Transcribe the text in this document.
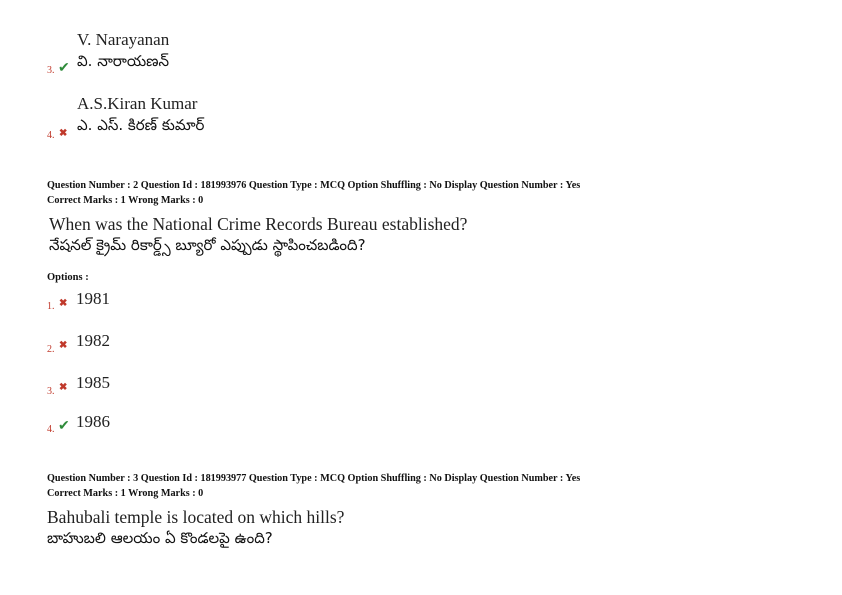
V. Narayanan
3. ✔ వి. నారాయణన్
A.S.Kiran Kumar
4. ✖ ఎ. ఎస్. కిరణ్ కుమార్
Question Number : 2 Question Id : 181993976 Question Type : MCQ Option Shuffling : No Display Question Number : Yes
Correct Marks : 1 Wrong Marks : 0
When was the National Crime Records Bureau established?
నేషనల్ క్రైమ్ రికార్డ్స్ బ్యూరో ఎప్పుడు స్థాపించబడింది?
Options :
1. ✖ 1981
2. ✖ 1982
3. ✖ 1985
4. ✔ 1986
Question Number : 3 Question Id : 181993977 Question Type : MCQ Option Shuffling : No Display Question Number : Yes
Correct Marks : 1 Wrong Marks : 0
Bahubali temple is located on which hills?
బాహుబలి ఆలయం ఏ కొండలపై ఉంది?
